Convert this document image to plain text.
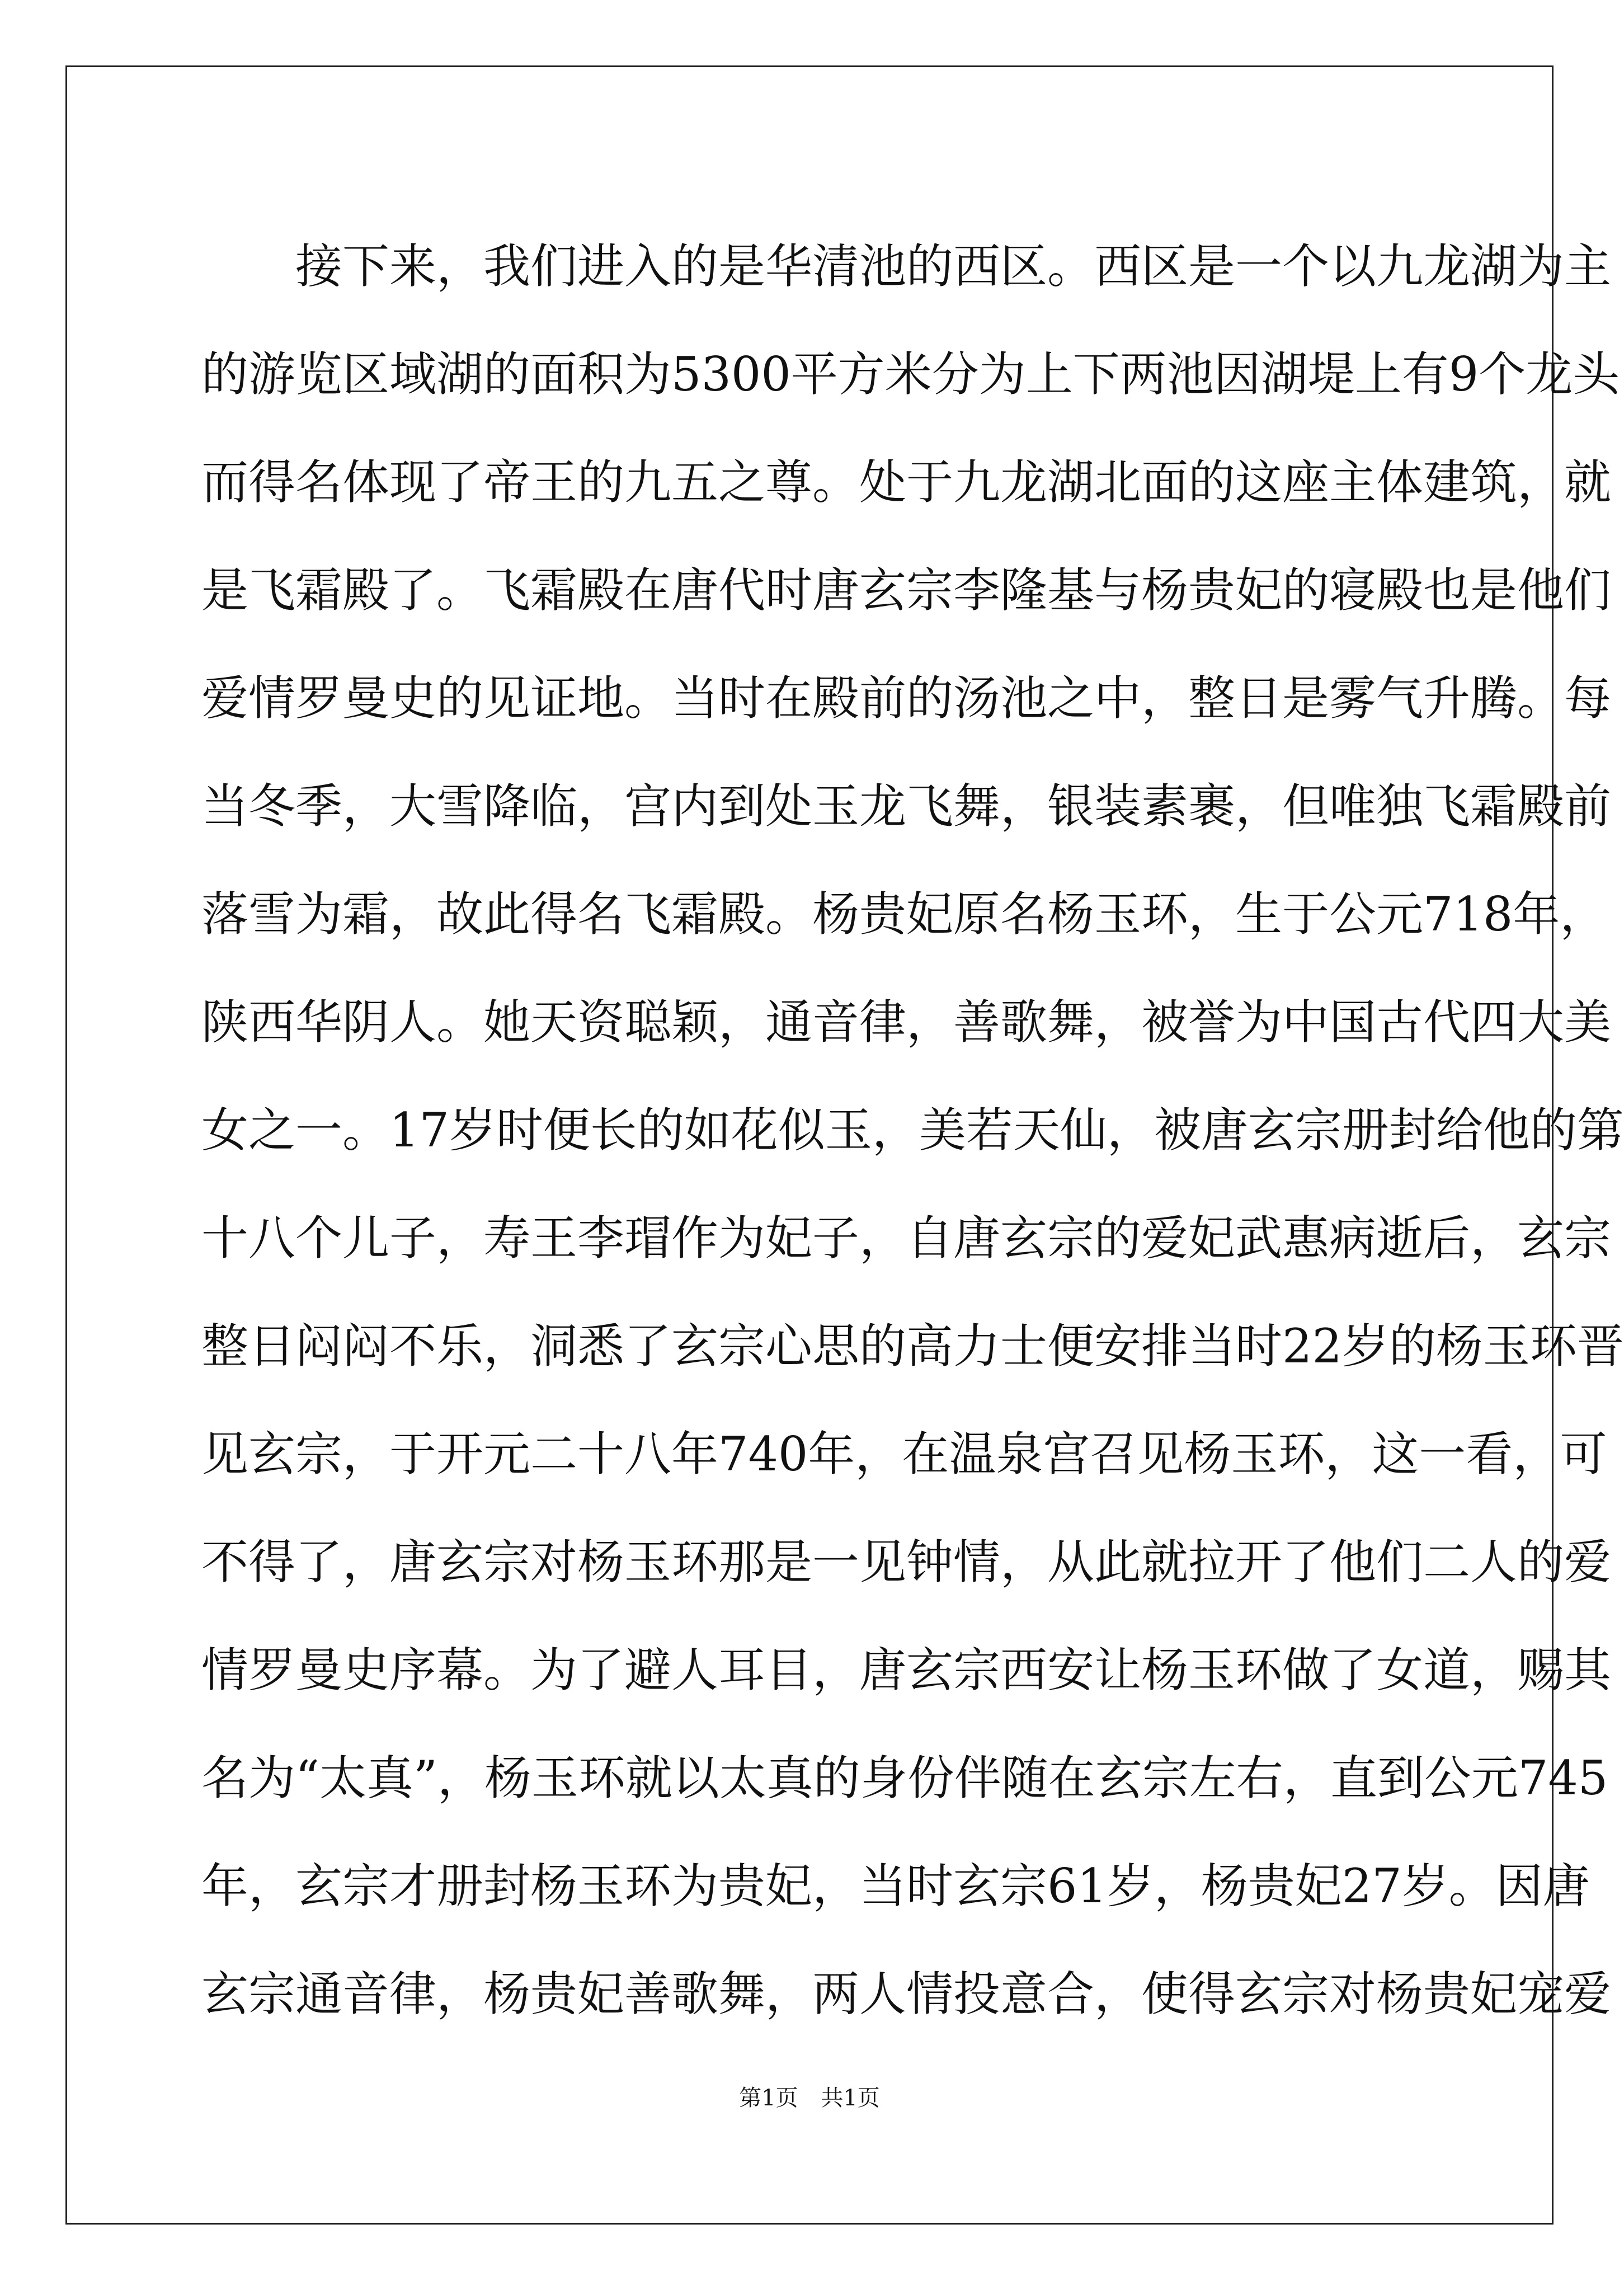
接下来，我们进入的是华清池的西区。西区是一个以九龙湖为主
的游览区域湖的面积为5300平方米分为上下两池因湖堤上有9个龙头
而得名体现了帝王的九五之尊。处于九龙湖北面的这座主体建筑，就
是飞霜殿了。飞霜殿在唐代时唐玄宗李隆基与杨贵妃的寝殿也是他们
爱情罗曼史的见证地。当时在殿前的汤池之中，整日是雾气升腾。每
当冬季，大雪降临，宫内到处玉龙飞舞，银装素裹，但唯独飞霜殿前
落雪为霜，故此得名飞霜殿。杨贵妃原名杨玉环，生于公元718年，
陕西华阴人。她天资聪颖，通音律，善歌舞，被誉为中国古代四大美
女之一。17岁时便长的如花似玉，美若天仙，被唐玄宗册封给他的第
十八个儿子，寿王李瑁作为妃子，自唐玄宗的爱妃武惠病逝后，玄宗
整日闷闷不乐，洞悉了玄宗心思的高力士便安排当时22岁的杨玉环晋
见玄宗，于开元二十八年740年，在温泉宫召见杨玉环，这一看，可
不得了，唐玄宗对杨玉环那是一见钟情，从此就拉开了他们二人的爱
情罗曼史序幕。为了避人耳目，唐玄宗西安让杨玉环做了女道，赐其
名为“太真”，杨玉环就以太真的身份伴随在玄宗左右，直到公元745
年，玄宗才册封杨玉环为贵妃，当时玄宗61岁，杨贵妃27岁。因唐
玄宗通音律，杨贵妃善歌舞，两人情投意合，使得玄宗对杨贵妃宠爱
第1页 共1页
